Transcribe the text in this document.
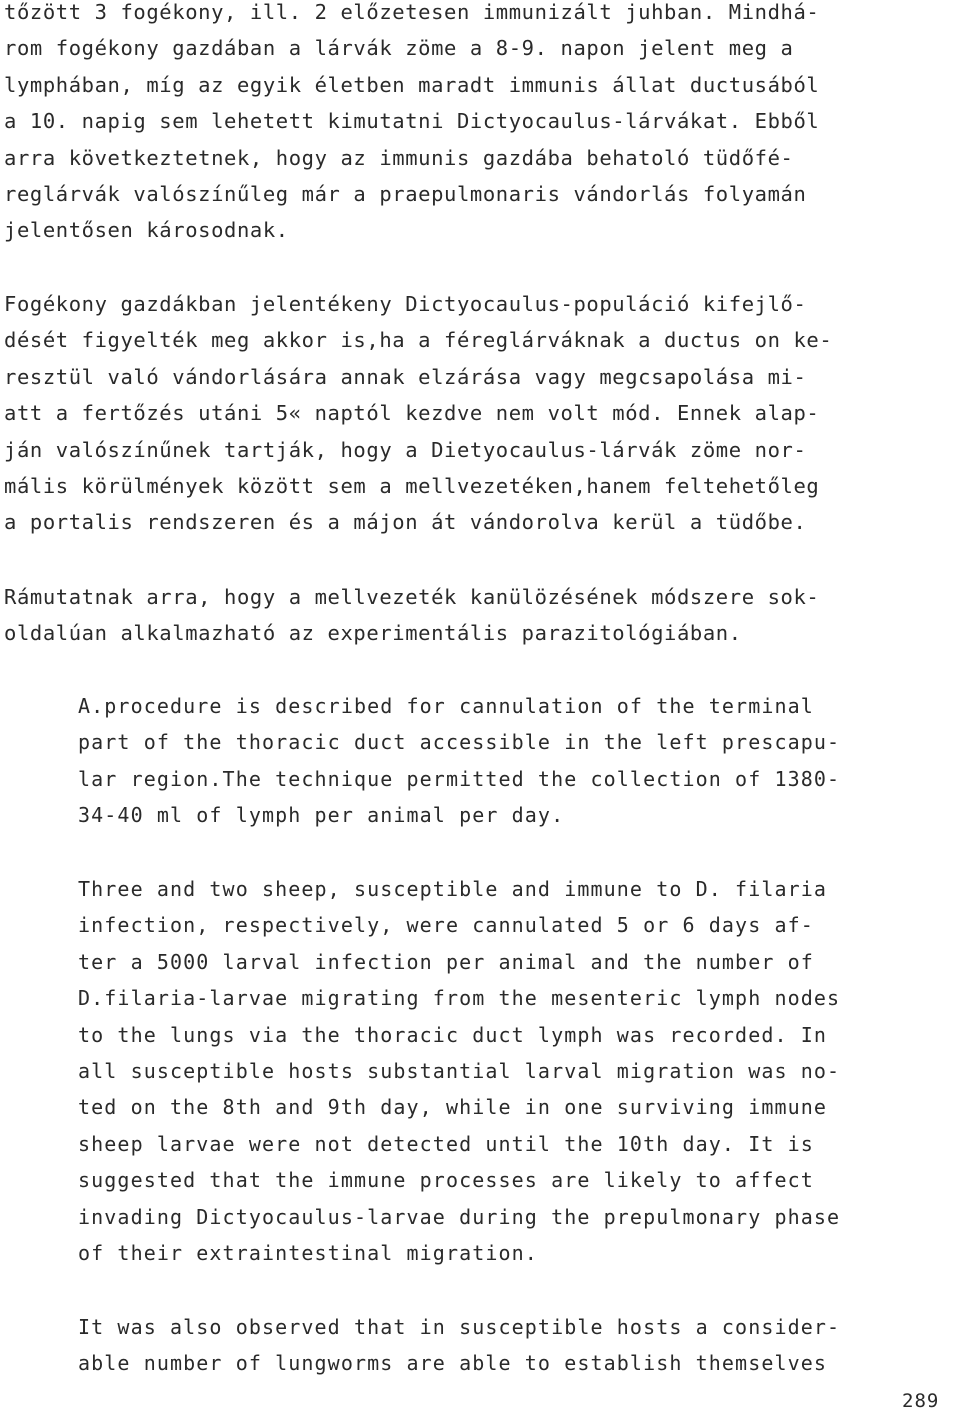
tőzött 3 fogékony, ill. 2 előzetesen immunizált juhban. Mindhá-
rom fogékony gazdában a lárvák zöme a 8-9. napon jelent meg a
lymphában, míg az egyik életben maradt immunis állat ductusából
a 10. napig sem lehetett kimutatni Dictyocaulus-lárvákat. Ebből
arra következtetnek, hogy az immunis gazdába behatoló tüdőfé-
reglárvák valószínűleg már a praepulmonaris vándorlás folyamán
jelentősen károsodnak.
Fogékony gazdákban jelentékeny Dictyocaulus-populáció kifejlő-
dését figyelték meg akkor is,ha a féreglárváknak a ductus on ke-
resztül való vándorlására annak elzárása vagy megcsapolása mi-
att a fertőzés utáni 5« naptól kezdve nem volt mód. Ennek alap-
ján valószínűnek tartják, hogy a Dietyocaulus-lárvák zöme nor-
mális körülmények között sem a mellvezetéken,hanem feltehetőleg
a portalis rendszeren és a májon át vándorolva kerül a tüdőbe.
Rámutatnak arra, hogy a mellvezeték kanülözésének módszere sok-
oldalúan alkalmazható az experimentális parazitológiában.
A.procedure is described for cannulation of the terminal
part of the thoracic duct accessible in the left prescapu-
lar region.The technique permitted the collection of 1380-
34-40 ml of lymph per animal per day.
Three and two sheep, susceptible and immune to D. filaria
infection, respectively, were cannulated 5 or 6 days af-
ter a 5000 larval infection per animal and the number of
D.filaria-larvae migrating from the mesenteric lymph nodes
to the lungs via the thoracic duct lymph was recorded. In
all susceptible hosts substantial larval migration was no-
ted on the 8th and 9th day, while in one surviving immune
sheep larvae were not detected until the 10th day. It is
suggested that the immune processes are likely to affect
invading Dictyocaulus-larvae during the prepulmonary phase
of their extraintestinal migration.
It was also observed that in susceptible hosts a consider-
able number of lungworms are able to establish themselves
289
